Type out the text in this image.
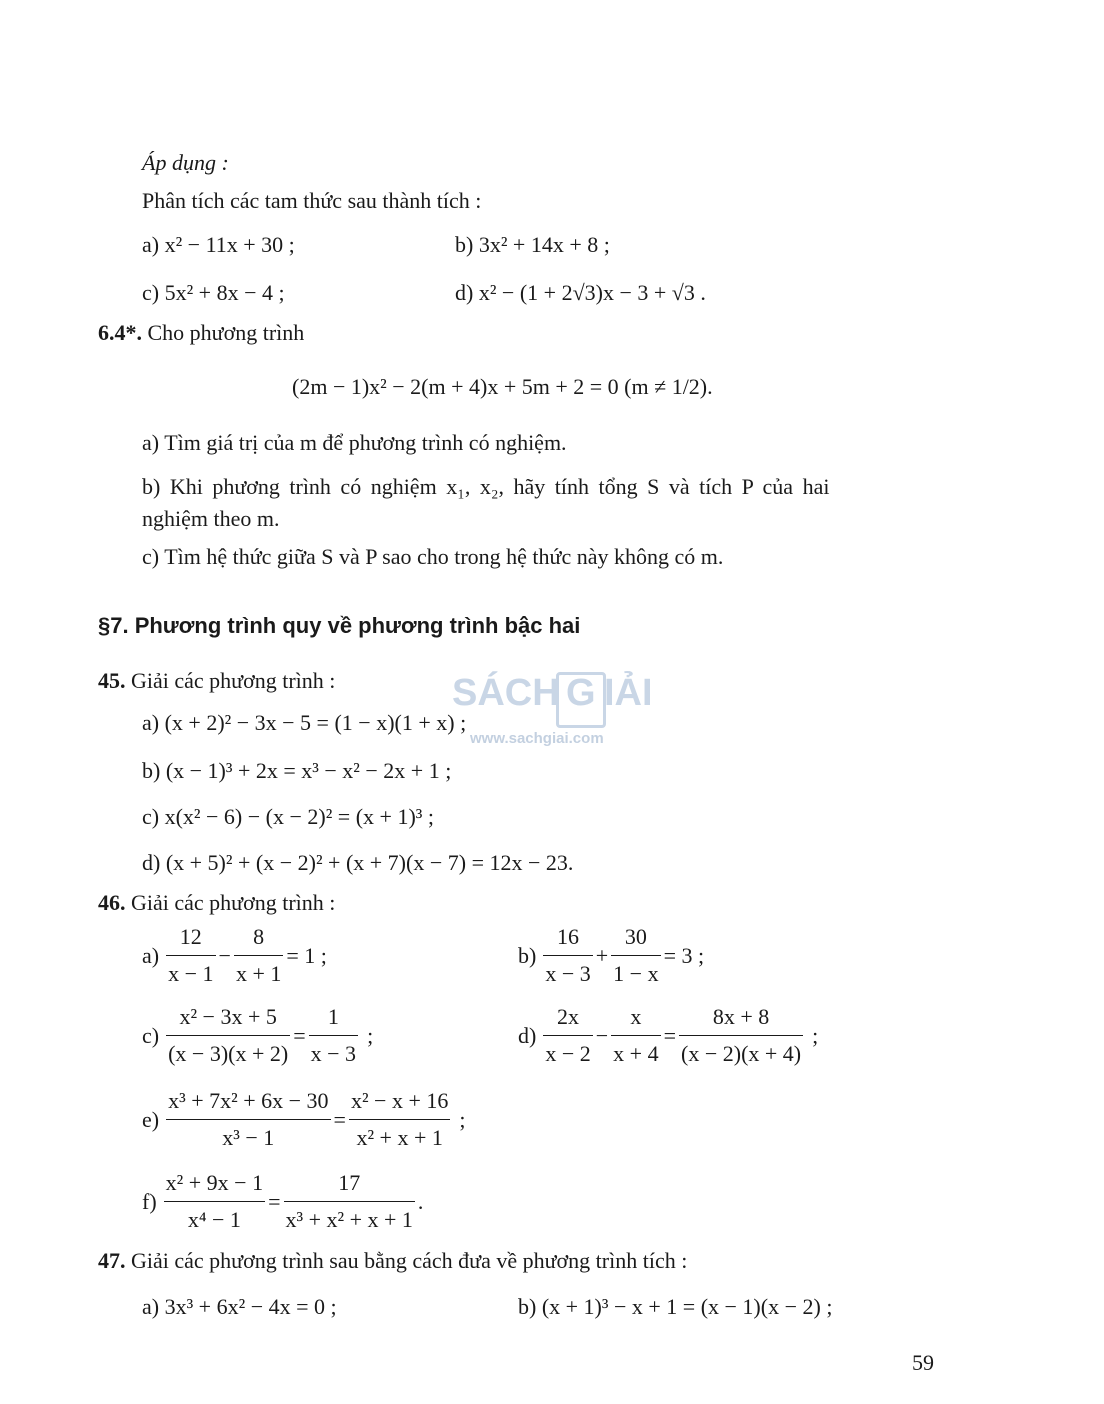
Áp dụng :
Phân tích các tam thức sau thành tích :
a) x² − 11x + 30 ;	b) 3x² + 14x + 8 ;
c) 5x² + 8x − 4 ;	d) x² − (1 + 2√3)x − 3 + √3 .
6.4*. Cho phương trình
(2m − 1)x² − 2(m + 4)x + 5m + 2 = 0 (m ≠ 1/2).
a) Tìm giá trị của m để phương trình có nghiệm.
b) Khi phương trình có nghiệm x₁, x₂, hãy tính tổng S và tích P của hai
nghiệm theo m.
c) Tìm hệ thức giữa S và P sao cho trong hệ thức này không có m.
§7. Phương trình quy về phương trình bậc hai
SÁCH G IẢI
www.sachgiai.com
45. Giải các phương trình :
a) (x + 2)² − 3x − 5 = (1 − x)(1 + x) ;
b) (x − 1)³ + 2x = x³ − x² − 2x + 1 ;
c) x(x² − 6) − (x − 2)² = (x + 1)³ ;
d) (x + 5)² + (x − 2)² + (x + 7)(x − 7) = 12x − 23.
46. Giải các phương trình :
$a) \frac{12}{x - 1} - \frac{8}{x + 1} = 1$ ;	$b) \frac{16}{x - 3} + \frac{30}{1 - x} = 3$ ;
$c) \frac{\text{x² − 3x + 5}}{(x - 3)(x + 2)} = \frac{1}{x - 3}$ ;	$d) \frac{2x}{x - 2} - \frac{x}{x + 4} = \frac{8x + 8}{(x - 2)(x + 4)}$ ;
$e) \frac{\text{x³ + 7x² + 6x − 30}}{\text{x³ − 1}} = \frac{\text{x² − x + 16}}{\text{x² + x + 1}}$ ;
$f) \frac{\text{x² + 9x − 1}}{\text{x⁴ − 1}} = \frac{17}{\text{x³ + x² + x + 1}}$ .
47. Giải các phương trình sau bằng cách đưa về phương trình tích :
a) 3x³ + 6x² − 4x = 0 ;	b) (x + 1)³ − x + 1 = (x − 1)(x − 2) ;
59
